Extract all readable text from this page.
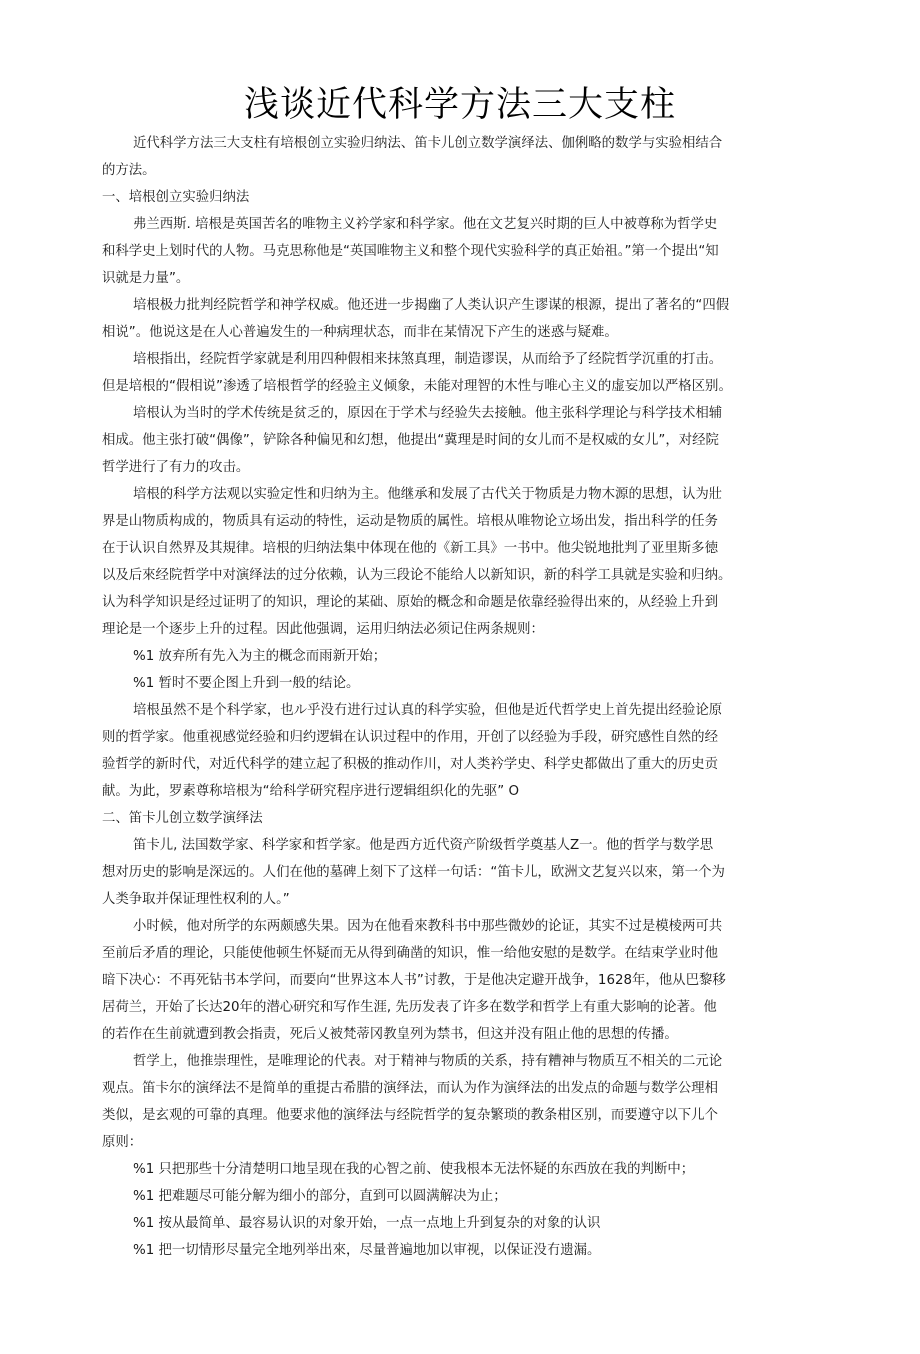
浅谈近代科学方法三大支柱
近代科学方法三大支柱有培根创立实验归纳法、笛卡儿创立数学演绎法、伽俐略的数学与实验相结合
的方法。
一、培根创立实验归纳法
弗兰西斯. 培根是英国苦名的唯物主义衿学家和科学家。他在文艺复兴时期的巨人中被尊称为哲学史
和科学史上划时代的人物。马克思称他是“英国唯物主义和整个现代实验科学的真正始祖。”第一个提出“知
识就是力量”。
培根极力批判经院哲学和神学权威。他还进一步揭幽了人类认识产生谬谋的根源，提出了著名的“四假
相说”。他说这是在人心普遍发生的一种病理状态，而非在某情况下产生的迷惑与疑难。
培根指出，经院哲学家就是利用四种假相来抹煞真理，制造谬误，从而给予了经院哲学沉重的打击。
但是培根的“假相说”渗透了培根哲学的经验主义倾象，未能对理智的木性与唯心主义的虚妄加以严格区别。
培根认为当时的学术传统是贫乏的，原因在于学术与经验失去接触。他主张科学理论与科学技术相辅
相成。他主张打破“偶像”，铲除各种偏见和幻想，他提出“冀理是时间的女儿而不是权威的女儿”，对经院
哲学进行了有力的攻击。
培根的科学方法观以实验定性和归纳为主。他继承和发展了古代关于物质是力物木源的思想，认为壯
界是山物质构成的，物质具有运动的特性，运动是物质的属性。培根从唯物论立场出发，指出科学的任务
在于认识自然界及其規律。培根的归纳法集中体现在他的《新工具》一书中。他尖锐地批判了亚里斯多徳
以及后來经院哲学中对演绎法的过分依赖，认为三段论不能给人以新知识，新的科学工具就是实验和归纳。
认为科学知识是经过证明了的知识，理论的某础、原始的概念和命题是依靠经验得出來的，从经验上升到
理论是一个逐步上升的过程。因此他强调，运用归纳法必须记住两条规则：
%1 放弃所有先入为主的概念而雨新开始；
%1 暂时不要企图上升到一般的结论。
培根虽然不是个科学家，也ル乎没冇进行过认真的科学实验，但他是近代哲学史上首先提出经验论原
则的哲学家。他重视感觉经验和归约逻辑在认识过程中的作用，开创了以经验为手段，研究感性自然的经
验哲学的新时代，对近代科学的建立起了积极的推动作川，对人类衿学史、科学史都做出了重大的历史贡
献。为此，罗素尊称培根为“给科学研究程序进行逻辑组织化的先驱” O
二、笛卡儿创立数学演绎法
笛卡儿, 法国数学家、科学家和哲学家。他是西方近代资产阶级哲学奠基人Z一。他的哲学与数学思
想对历史的影响是深远的。人们在他的墓碑上刻下了这样一句话：“笛卡儿，欧洲文艺复兴以來，第一个为
人类争取并保证理性权利的人。”
小时候，他对所学的东两颇感失果。因为在他看來教科书中那些微妙的论证，其实不过是模棱两可共
至前后矛盾的理论，只能使他顿生怀疑而无从得到确凿的知识，惟一给他安慰的是数学。在结束学业时他
暗下决心：不再死钻书本学问，而要向“世界这本人书”讨教，于是他决定避开战争，1628年，他从巴黎移
居荷兰，开始了长达20年的潜心研究和写作生涯, 先历发表了许多在数学和哲学上有重大影响的论著。他
的若作在生前就遭到教会指责，死后乂被梵蒂冈教皇列为禁书，但这并没有阻止他的思想的传播。
哲学上，他推崇理性，是唯理论的代表。对于精神与物质的关系，持有糟神与物质互不相关的二元论
观点。笛卡尔的演绎法不是简单的重提古希腊的演绎法，而认为作为演绎法的出发点的命题与数学公理相
类似，是玄观的可靠的真理。他要求他的演绎法与经院哲学的复杂繁琐的教条柑区别，而要遵守以下儿个
原则：
%1 只把那些十分清楚明口地呈现在我的心智之前、使我根本无法怀疑的东西放在我的判断中；
%1 把难题尽可能分解为细小的部分，直到可以圆满解决为止；
%1 按从最简单、最容易认识的对象开始，一点一点地上升到复杂的对象的认识
%1 把一切情形尽量完全地列举出來，尽量普遍地加以审视，以保证没冇遗漏。
